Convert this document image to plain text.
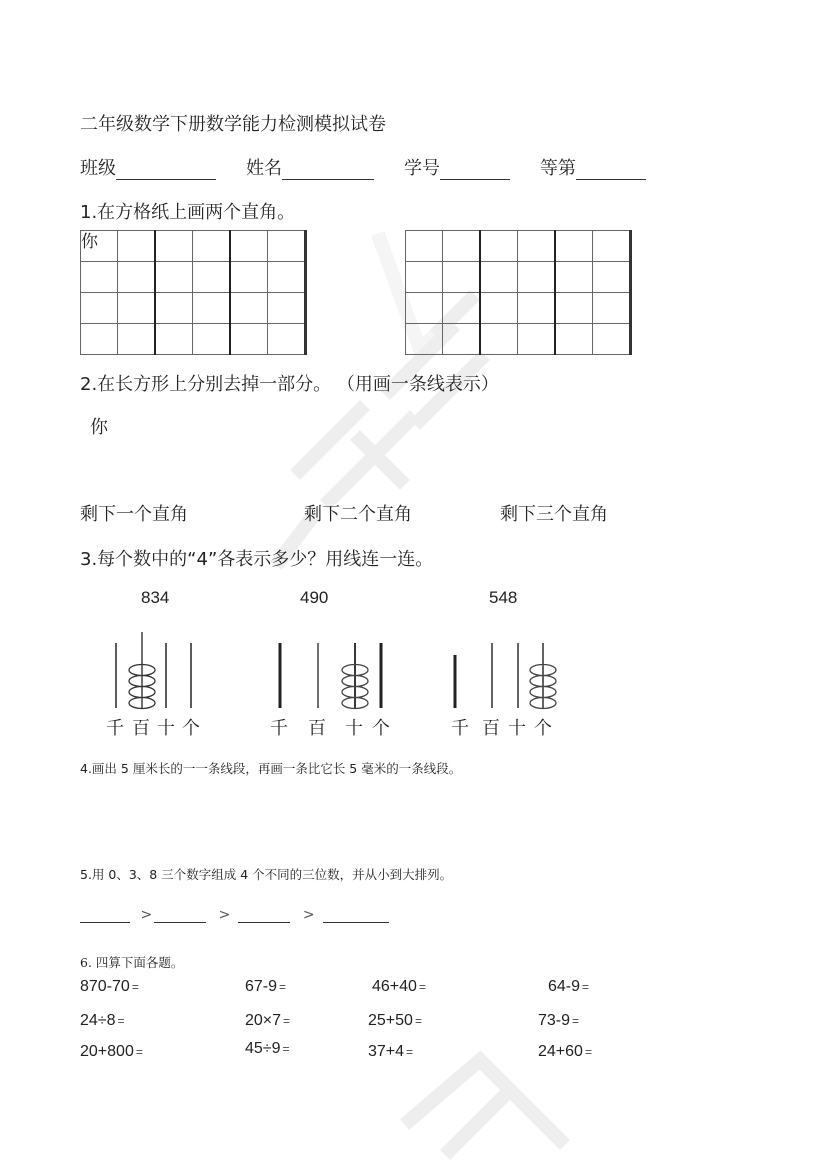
二年级数学下册数学能力检测模拟试卷
班级	姓名	学号	等第
1.在方格纸上画两个直角。
你					

2.在长方形上分别去掉一部分。 （用画一条线表示）
你
剩下一个直角	剩下二个直角	剩下三个直角
3.每个数中的“4”各表示多少？用线连一连。
834	490	548
千 百 十 个	千 百 十 个	千 百 十 个
4.画出 5 厘米长的一一条线段，再画一条比它长 5 毫米的一条线段。
5.用 0、3、8 三个数字组成 4 个不同的三位数，并从小到大排列。
>	>	>
6. 四算下面各题。
870-70 =	67-9 =	46+40 =	64-9 =
24÷8 =	20×7 =	25+50 =	73-9 =
20+800 =	45÷9 =	37+4 =	24+60 =
